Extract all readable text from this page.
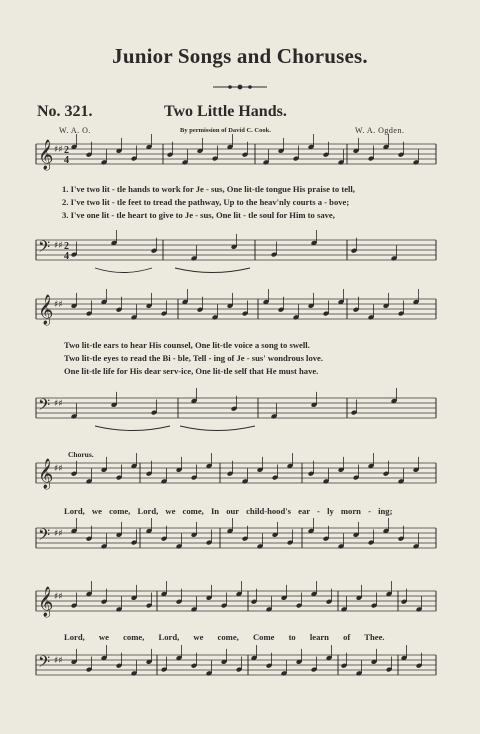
Junior Songs and Choruses.
No. 321.	Two Little Hands.
W. A. O.	By permission of David C. Cook.	W. A. Ogden.
1. I've two lit - tle hands to work for Je - sus, One lit-tle tongue His praise to tell,
2. I've two lit - tle feet to tread the pathway, Up to the heav'nly courts a - bove;
3. I've one lit - tle heart to give to Je - sus, One lit - tle soul for Him to save,
Two lit-tle ears to hear His counsel, One lit-tle voice a song to swell.
Two lit-tle eyes to read the Bi - ble, Tell - ing of Je - sus' wondrous love.
One lit-tle life for His dear serv-ice, One lit-tle self that He must have.
Chorus.
Lord, we come, Lord, we come, In our child-hood's ear - ly morn - ing;
Lord, we come, Lord, we come, Come to learn of Thee.
𝄞 ♯♯
𝄢 ♯♯
𝄞 ♯♯
𝄢 ♯♯
𝄞 ♯♯
𝄢 ♯♯
𝄞 ♯♯
𝄢 ♯♯
2
4
2
4
